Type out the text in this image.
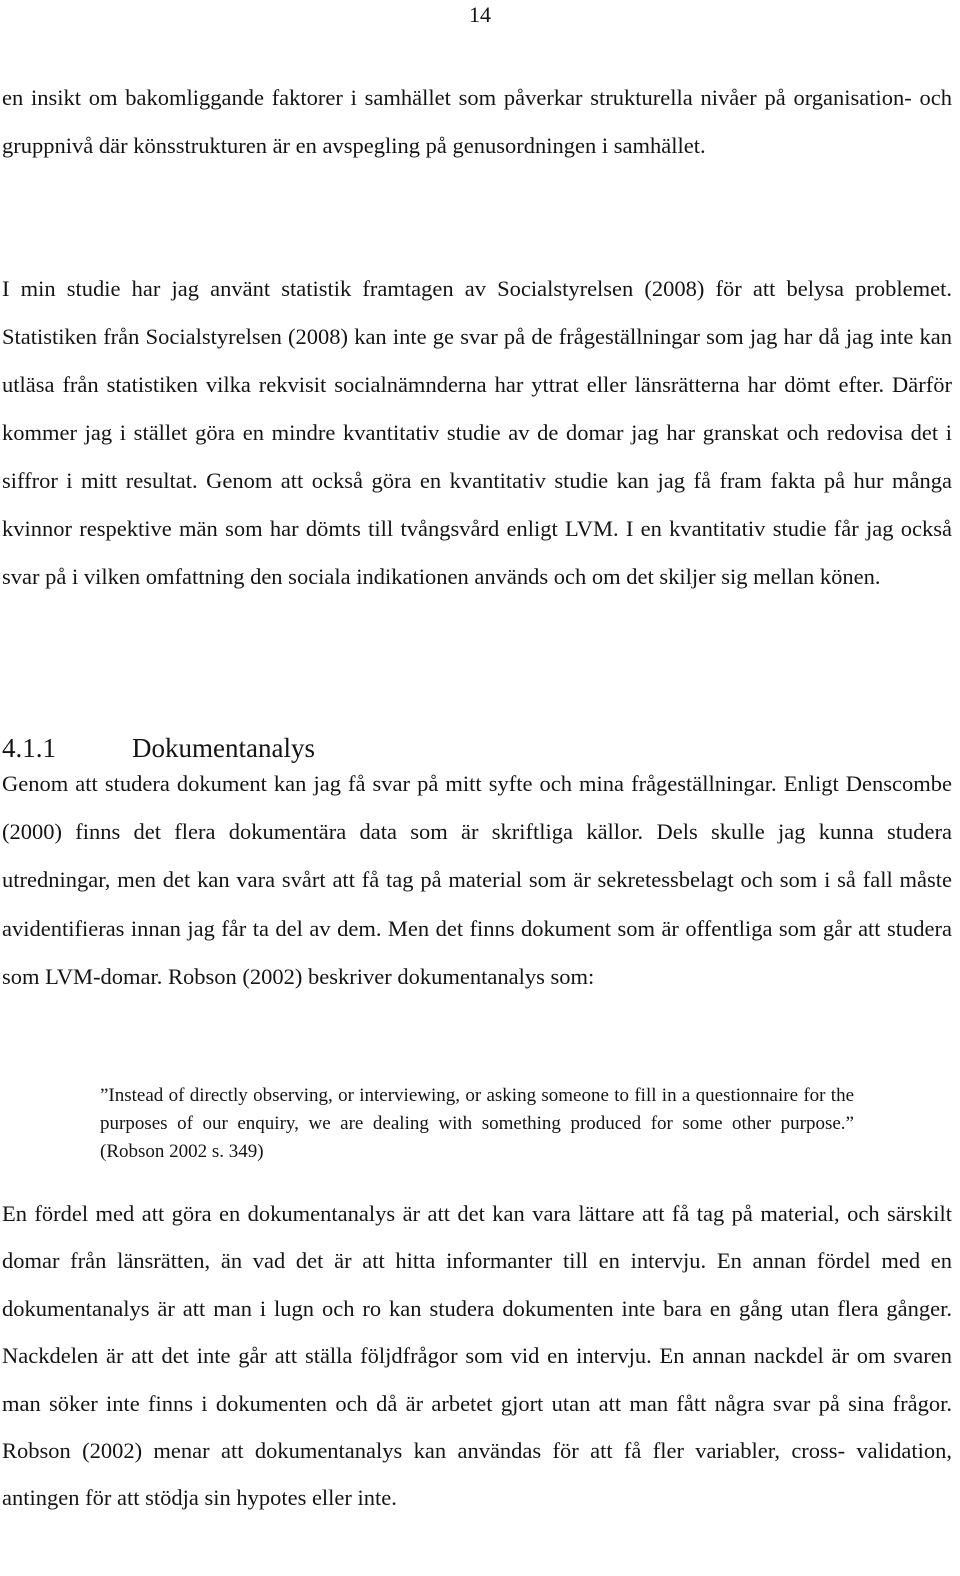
14

en insikt om bakomliggande faktorer i samhället som påverkar strukturella nivåer på organisation- och gruppnivå där könsstrukturen är en avspegling på genusordningen i samhället.

I min studie har jag använt statistik framtagen av Socialstyrelsen (2008) för att belysa problemet. Statistiken från Socialstyrelsen (2008) kan inte ge svar på de frågeställningar som jag har då jag inte kan utläsa från statistiken vilka rekvisit socialnämnderna har yttrat eller länsrätterna har dömt efter. Därför kommer jag i stället göra en mindre kvantitativ studie av de domar jag har granskat och redovisa det i siffror i mitt resultat. Genom att också göra en kvantitativ studie kan jag få fram fakta på hur många kvinnor respektive män som har dömts till tvångsvård enligt LVM. I en kvantitativ studie får jag också svar på i vilken omfattning den sociala indikationen används och om det skiljer sig mellan könen.

4.1.1	Dokumentanalys

Genom att studera dokument kan jag få svar på mitt syfte och mina frågeställningar. Enligt Denscombe (2000) finns det flera dokumentära data som är skriftliga källor. Dels skulle jag kunna studera utredningar, men det kan vara svårt att få tag på material som är sekretessbelagt och som i så fall måste avidentifieras innan jag får ta del av dem. Men det finns dokument som är offentliga som går att studera som LVM-domar. Robson (2002) beskriver dokumentanalys som:

”Instead of directly observing, or interviewing, or asking someone to fill in a questionnaire for the purposes of our enquiry, we are dealing with something produced for some other purpose.” (Robson 2002 s. 349)

En fördel med att göra en dokumentanalys är att det kan vara lättare att få tag på material, och särskilt domar från länsrätten, än vad det är att hitta informanter till en intervju. En annan fördel med en dokumentanalys är att man i lugn och ro kan studera dokumenten inte bara en gång utan flera gånger. Nackdelen är att det inte går att ställa följdfrågor som vid en intervju. En annan nackdel är om svaren man söker inte finns i dokumenten och då är arbetet gjort utan att man fått några svar på sina frågor. Robson (2002) menar att dokumentanalys kan användas för att få fler variabler, cross- validation, antingen för att stödja sin hypotes eller inte.
